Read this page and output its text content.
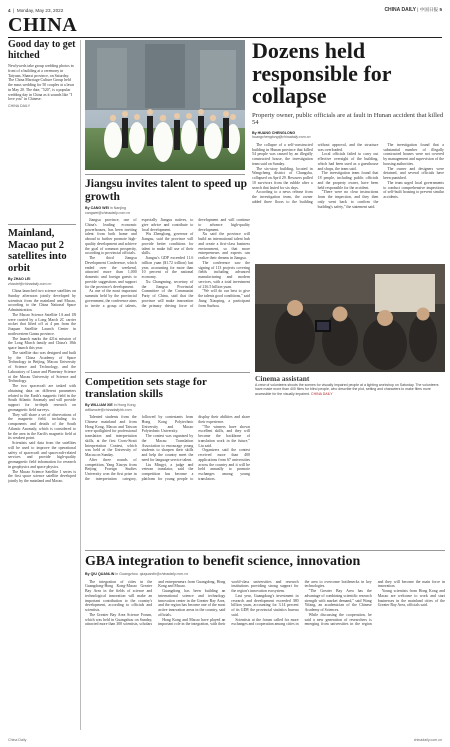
4  |  Monday, May 23, 2022	CHINA DAILY | 中国日报 5
CHINA
Good day to get hitched
Newlyweds take group wedding photos in front of a building at a ceremony in Taiyuan, Shanxi province, on Saturday. The China Marriage Culture Group held the mass wedding for 50 couples at a lawn in May 20. The date, "520", is a popular wedding day in China as it sounds like "I love you" in Chinese.
CHINA DAILY
Mainland, Macao put 2 satellites into orbit
By ZHAO LEI
zhaolei@chinadaily.com.cn

China launched two science satellites on Sunday afternoon jointly developed by scientists from the mainland and Macao, according to the China National Space Administration.

The Macao Science Satellite 1A and 1B were carried by a Long March 2C carrier rocket that lifted off at 4 pm from the Jiuquan Satellite Launch Center in northwestern Gansu province.

The launch marks the 421st mission of the Long March family and China's 18th space launch this year.

The satellite duo was designed and built by the China Academy of Space Technology in Beijing, Macau University of Science and Technology, and the Laboratory of Lunar and Planetary Science at the Macau University of Science and Technology.

The two spacecraft are tasked with obtaining data on different parameters related to the Earth's magnetic field in the South Atlantic Anomaly and will provide support for in-depth research on geomagnetic field surveys.

They will share a set of observations of the magnetic field, including its components and details of the South Atlantic Anomaly, which is considered to be the area in the Earth's magnetic field at its weakest point.

Scientists said data from the satellites will be used to improve the operational safety of spacecraft and spacecraft-related services and provide high-quality geomagnetic field information for research in geophysics and space physics.

The Macao Science Satellite 1 series is the first space science satellite developed jointly by the mainland and Macao.

Dozens held responsible for collapse
Property owner, public officials are at fault in Hunan accident that killed 54
By HUANG CHENGLONG
huangchenglong@chinadaily.com.cn

The collapse of a self-constructed building in Hunan province that killed 54 people was caused by an illegally constructed house, the investigation team said on Sunday.

The six-story building, located in Wangcheng district of Changsha, collapsed on April 29. Rescuers pulled 10 survivors from the rubble after a search that lasted for six days.

According to a news release from the investigation team, the owner added three floors to the building without approval, and the structure was overloaded.

Local officials failed to carry out effective oversight of the building, which had been used as a guesthouse and shops, the team said.

The investigation team found that 18 people, including public officials and the property owner, have been held responsible for the accident.

"There were no clear instructions from the inspection, and they then only went back to confirm the building's safety," the statement said.

The investigation found that a substantial number of illegally constructed houses were not covered by management and supervision of the housing authorities.

The owner and designers were detained, and several officials have been punished.

The team urged local governments to conduct comprehensive inspections of self-built housing to prevent similar accidents.

Jiangsu invites talent to speed up growth
By CANG WEI in Nanjing
cangwei@chinadaily.com.cn

Jiangsu province, one of China's leading economic powerhouses, has been inviting talent from both home and abroad to further promote high-quality development and achieve the goal of common prosperity, according to provincial officials.

The third Jiangsu Development Conference, which ended over the weekend, attracted more than 1,000 domestic and foreign guests to provide suggestions and support for the province's development.

As one of the most important summits held by the provincial government, the conference aims to invite a group of talents, especially Jiangsu natives, to give advice and contribute to local development.

Wu Zhenglong, governor of Jiangsu, said the province will provide better conditions for talent to make full use of their skills.

Jiangsu's GDP exceeded 11.6 trillion yuan ($1.72 trillion) last year, accounting for more than 10 percent of the national economy.

Xu Changming, secretary of the Jiangsu Provincial Committee of the Communist Party of China, said that the province will make innovation the primary driving force of development and will continue to advance high-quality development.

Xu said the province will build an international talent hub and create a first-class business environment, so that more entrepreneurs and experts can realize their dreams in Jiangsu.

The conference saw the signing of 113 projects covering fields including advanced manufacturing and modern services, with a total investment of 216.5 billion yuan.

"We will do our best to give the talents good conditions," said Jiang Xiaoping, a participant from Suzhou.

Cinema assistant
A crew of volunteers shoots the scenes for visually impaired people at a lighting workshop on Saturday. The volunteers have made more than 400 films for blind people, who describe the plot, setting and characters to make films more accessible for the visually impaired. CHINA DAILY
Competition sets stage for translation skills
By WILLIAM XIE in Hong Kong
williamxie@chinadailyhk.com

Talented students from the Chinese mainland and from Hong Kong, Macao and Taiwan were spotlighted for professional translation and interpretation skills, at the first Cross-Strait Interpretation Contest, which was held at the University of Macau on Sunday.

After three rounds of competition, Yang Xiaoyu from Beijing Foreign Studies University won the first prize in the interpretation category, followed by contestants from Hong Kong Polytechnic University and Macao Polytechnic University.

The contest was organized by the Macau Translation Association to encourage young students to sharpen their skills and help the country meet the need for language service talent.

Liu Mingyi, a judge and veteran translator, said the competition has become a platform for young people to display their abilities and share their experience.

"The winners have shown excellent skills, and they will become the backbone of translation work in the future," Liu said.

Organizers said the contest received more than 400 applications from 67 universities across the country and it will be held annually to promote exchanges among young translators.

GBA integration to benefit science, innovation
By QIU QUANLIN in Guangzhou qiuquanlin@chinadaily.com.cn

The integration of cities in the Guangdong-Hong Kong-Macao Greater Bay Area in the fields of science and technological innovation will make an important contribution to the country's development, according to officials and scientists.

The Greater Bay Area Science Forum, which was held in Guangzhou on Sunday, attracted more than 300 scientists, scholars and entrepreneurs from Guangdong, Hong Kong and Macao.

Guangdong has been building an international science and technology innovation center in the Greater Bay Area, and the region has become one of the most active innovation areas in the country, said officials.

Hong Kong and Macao have played an important role in the integration, with their world-class universities and research institutions providing strong support for the region's innovation ecosystem.

Last year, Guangdong's investment in research and development exceeded 380 billion yuan, accounting for 3.14 percent of its GDP, the provincial statistics bureau said.

Scientists at the forum called for more exchanges and cooperation among cities in the area to overcome bottlenecks in key technologies.

"The Greater Bay Area has the advantage of combining scientific research strength with market demand," said Wang Yifang, an academician of the Chinese Academy of Sciences.

While discussing the cooperation, he said a new generation of researchers is emerging from universities in the region and they will become the main force in innovation.

Young scientists from Hong Kong and Macao are welcome to work and start businesses in the mainland cities of the Greater Bay Area, officials said.

China Daily	chinadaily.com.cn
